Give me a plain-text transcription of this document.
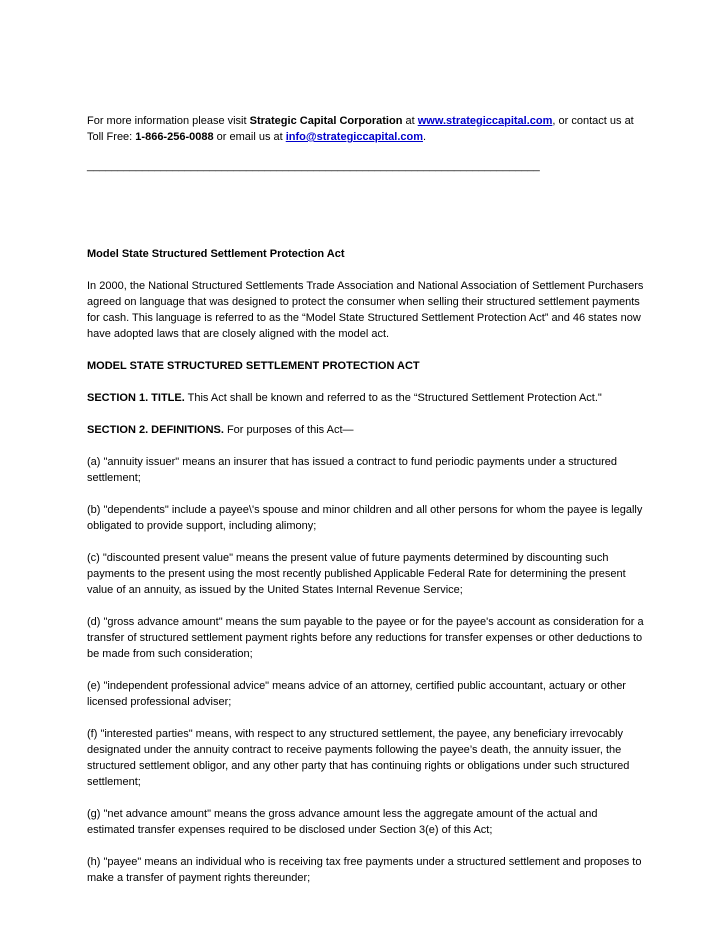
For more information please visit Strategic Capital Corporation at www.strategiccapital.com, or contact us at Toll Free: 1-866-256-0088 or email us at info@strategiccapital.com.

__________________________________________________________________________

Model State Structured Settlement Protection Act

In 2000, the National Structured Settlements Trade Association and National Association of Settlement Purchasers agreed on language that was designed to protect the consumer when selling their structured settlement payments for cash. This language is referred to as the “Model State Structured Settlement Protection Act” and 46 states now have adopted laws that are closely aligned with the model act.

MODEL STATE STRUCTURED SETTLEMENT PROTECTION ACT

SECTION 1. TITLE. This Act shall be known and referred to as the “Structured Settlement Protection Act."

SECTION 2. DEFINITIONS. For purposes of this Act—

(a) "annuity issuer" means an insurer that has issued a contract to fund periodic payments under a structured settlement;

(b) "dependents" include a payee\'s spouse and minor children and all other persons for whom the payee is legally obligated to provide support, including alimony;

(c) "discounted present value" means the present value of future payments determined by discounting such payments to the present using the most recently published Applicable Federal Rate for determining the present value of an annuity, as issued by the United States Internal Revenue Service;

(d) "gross advance amount" means the sum payable to the payee or for the payee's account as consideration for a transfer of structured settlement payment rights before any reductions for transfer expenses or other deductions to be made from such consideration;

(e) "independent professional advice" means advice of an attorney, certified public accountant, actuary or other licensed professional adviser;

(f) "interested parties" means, with respect to any structured settlement, the payee, any beneficiary irrevocably designated under the annuity contract to receive payments following the payee’s death, the annuity issuer, the structured settlement obligor, and any other party that has continuing rights or obligations under such structured settlement;

(g) "net advance amount" means the gross advance amount less the aggregate amount of the actual and estimated transfer expenses required to be disclosed under Section 3(e) of this Act;

(h) "payee" means an individual who is receiving tax free payments under a structured settlement and proposes to make a transfer of payment rights thereunder;
